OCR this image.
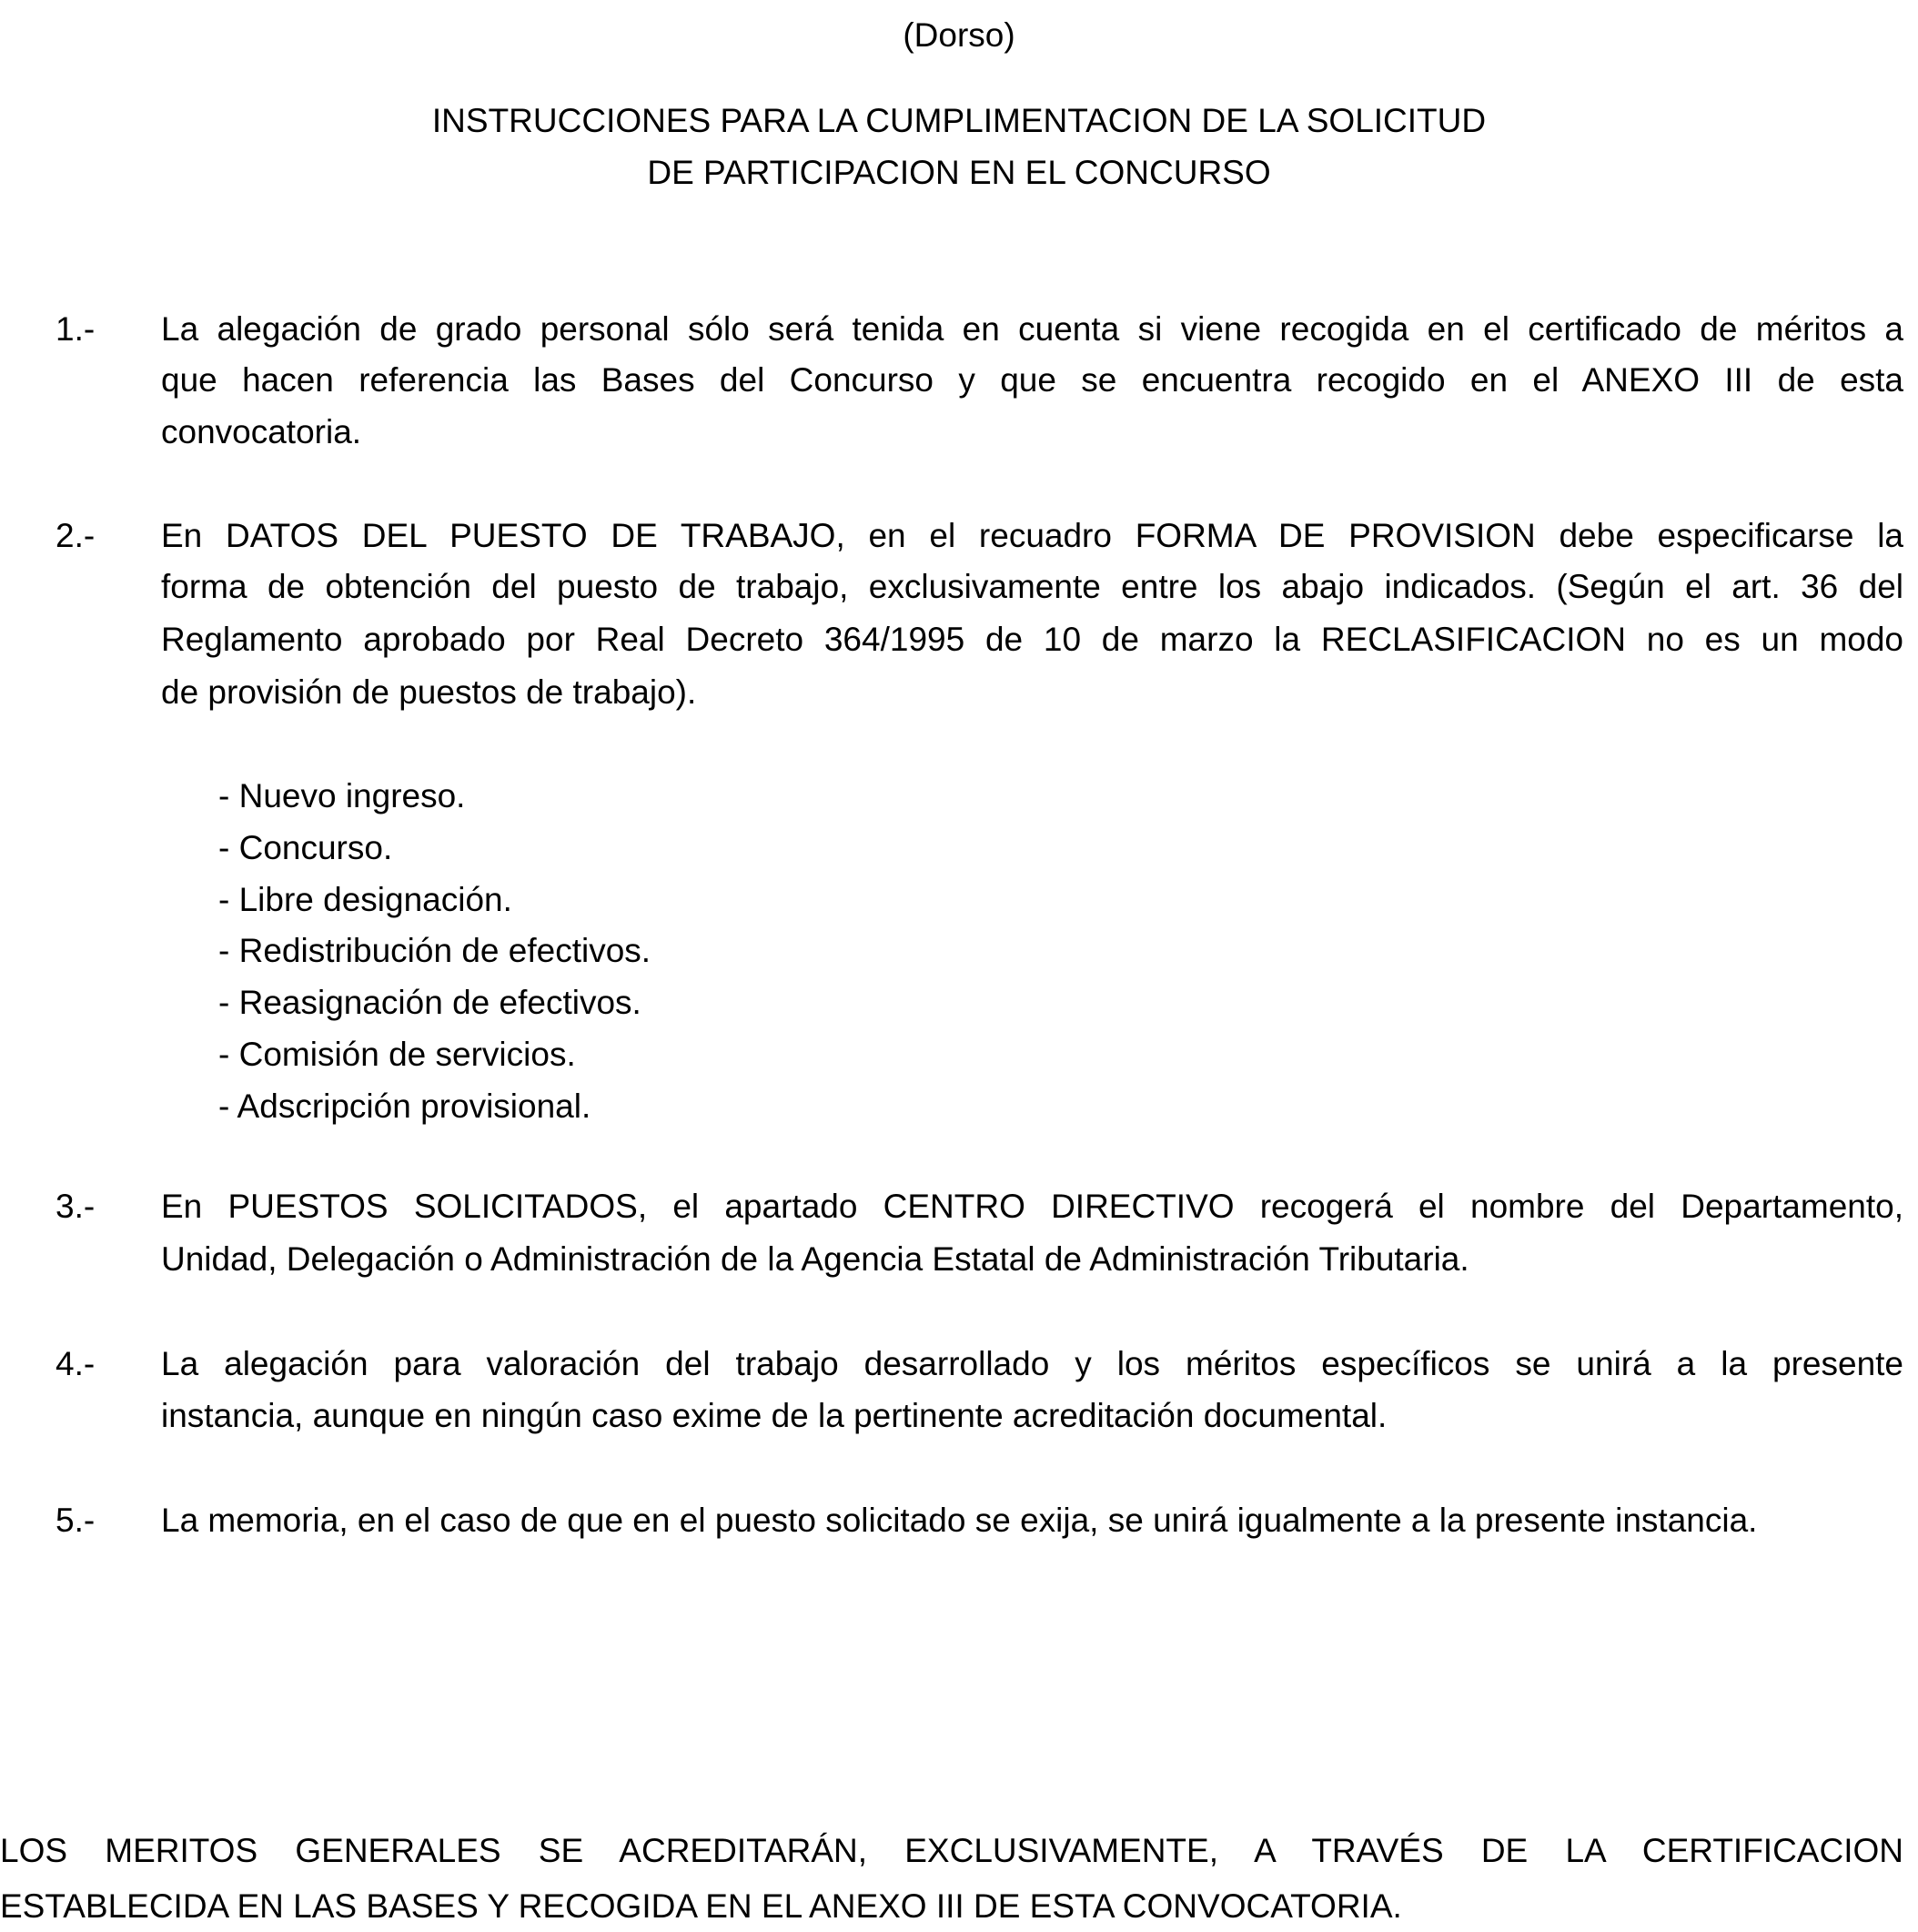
(Dorso)
INSTRUCCIONES PARA LA CUMPLIMENTACION DE LA SOLICITUD
DE PARTICIPACION EN EL CONCURSO
1.- La alegación de grado personal sólo será tenida en cuenta si viene recogida en el certificado de méritos a
que hacen referencia las Bases del Concurso y que se encuentra recogido en el ANEXO III de esta
convocatoria.
2.- En DATOS DEL PUESTO DE TRABAJO, en el recuadro FORMA DE PROVISION debe especificarse la
forma de obtención del puesto de trabajo, exclusivamente entre los abajo indicados. (Según el art. 36 del
Reglamento aprobado por Real Decreto 364/1995 de 10 de marzo la RECLASIFICACION no es un modo
de provisión de puestos de trabajo).
- Nuevo ingreso.
- Concurso.
- Libre designación.
- Redistribución de efectivos.
- Reasignación de efectivos.
- Comisión de servicios.
- Adscripción provisional.
3.- En PUESTOS SOLICITADOS, el apartado CENTRO DIRECTIVO recogerá el nombre del Departamento,
Unidad, Delegación o Administración de la Agencia Estatal de Administración Tributaria.
4.- La alegación para valoración del trabajo desarrollado y los méritos específicos se unirá a la presente
instancia, aunque en ningún caso exime de la pertinente acreditación documental.
5.- La memoria, en el caso de que en el puesto solicitado se exija, se unirá igualmente a la presente instancia.
LOS MERITOS GENERALES SE ACREDITARÁN, EXCLUSIVAMENTE, A TRAVÉS DE LA CERTIFICACION
ESTABLECIDA EN LAS BASES Y RECOGIDA EN EL ANEXO III DE ESTA CONVOCATORIA.
